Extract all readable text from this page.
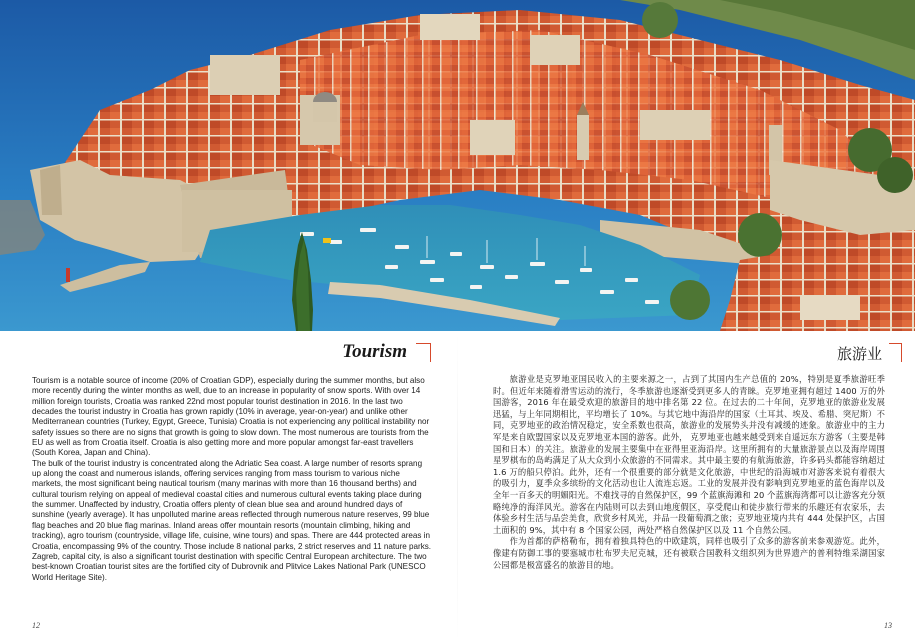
Tourism	旅游业

Tourism is a notable source of income (20% of Croatian GDP), especially during the summer months, but also more recently during the winter months as well, due to an increase in popularity of snow sports. With over 14 million foreign tourists, Croatia was ranked 22nd most popular tourist destination in 2016. In the last two decades the tourist industry in Croatia has grown rapidly (10% in average, year-on-year) and unlike other Mediterranean countries (Turkey, Egypt, Greece, Tunisia) Croatia is not experiencing any political instability nor safety issues so there are no signs that growth is going to slow down. The most numerous are tourists from the EU as well as from Croatia itself. Croatia is also getting more and more popular amongst far-east travellers (South Korea, Japan and China).

The bulk of the tourist industry is concentrated along the Adriatic Sea coast. A large number of resorts sprang up along the coast and numerous islands, offering services ranging from mass tourism to various niche markets, the most significant being nautical tourism (many marinas with more than 16 thousand berths) and cultural tourism relying on appeal of medieval coastal cities and numerous cultural events taking place during the summer. Unaffected by industry, Croatia offers plenty of clean blue sea and around hundred days of sunshine (yearly average). It has unpolluted marine areas reflected through numerous nature reserves, 99 blue flag beaches and 20 blue flag marinas. Inland areas offer mountain resorts (mountain climbing, hiking and tracking), agro tourism (countryside, village life, cuisine, wine tours) and spas. There are 444 protected areas in Croatia, encompassing 9% of the country. Those include 8 national parks, 2 strict reserves and 11 nature parks.

Zagreb, capital city, is also a significant tourist destination with specific Central European architecture. The two best-known Croatian tourist sites are the fortified city of Dubrovnik and Plitvice Lakes National Park (UNESCO World Heritage Site).

旅游业是克罗地亚国民收入的主要来源之一，占到了其国内生产总值的 20%，特别是夏季旅游旺季时。但近年来随着滑雪运动的流行，冬季旅游也逐渐受到更多人的青睐。克罗地亚拥有超过 1400 万的外国游客，2016 年在最受欢迎的旅游目的地中排名第 22 位。在过去的二十年间，克罗地亚的旅游业发展迅猛，与上年同期相比，平均增长了 10%。与其它地中海沿岸的国家（土耳其、埃及、希腊、突尼斯）不同，克罗地亚的政治情况稳定，安全系数也很高，旅游业的发展势头并没有减缓的迹象。旅游业中的主力军是来自欧盟国家以及克罗地亚本国的游客。此外， 克罗地亚也越来越受到来自遥远东方游客（主要是韩国和日本）的关注。旅游业的发展主要集中在亚得里亚海沿岸。这里所拥有的大量旅游景点以及海岸周围星罗棋布的岛屿满足了从大众到小众旅游的不同需求。其中最主要的有航海旅游，许多码头都能容纳超过 1.6 万的船只停泊。此外，还有一个很重要的部分就是文化旅游，中世纪的沿海城市对游客来说有着很大的吸引力，夏季众多缤纷的文化活动也让人流连忘返。工业的发展并没有影响到克罗地亚的蓝色海岸以及全年一百多天的明媚阳光。不难找寻的自然保护区，99 个蓝旗海滩和 20 个蓝旗海湾都可以让游客充分领略纯净的海洋风光。游客在内陆则可以去到山地度假区，享受爬山和徒步旅行带来的乐趣还有农家乐，去体验乡村生活与品尝美食，欣赏乡村风光，并品一段葡萄酒之旅；克罗地亚境内共有 444 处保护区，占国土面积的 9%，其中有 8 个国家公园，两处严格自然保护区以及 11 个自然公园。

作为首都的萨格勒布，拥有着独具特色的中欧建筑，同样也吸引了众多的游客前来参观游览。此外，像建有防御工事的要塞城市杜布罗夫尼克城，还有被联合国教科文组织列为世界遗产的普利特维采湖国家公园都是极富盛名的旅游目的地。

12	13
